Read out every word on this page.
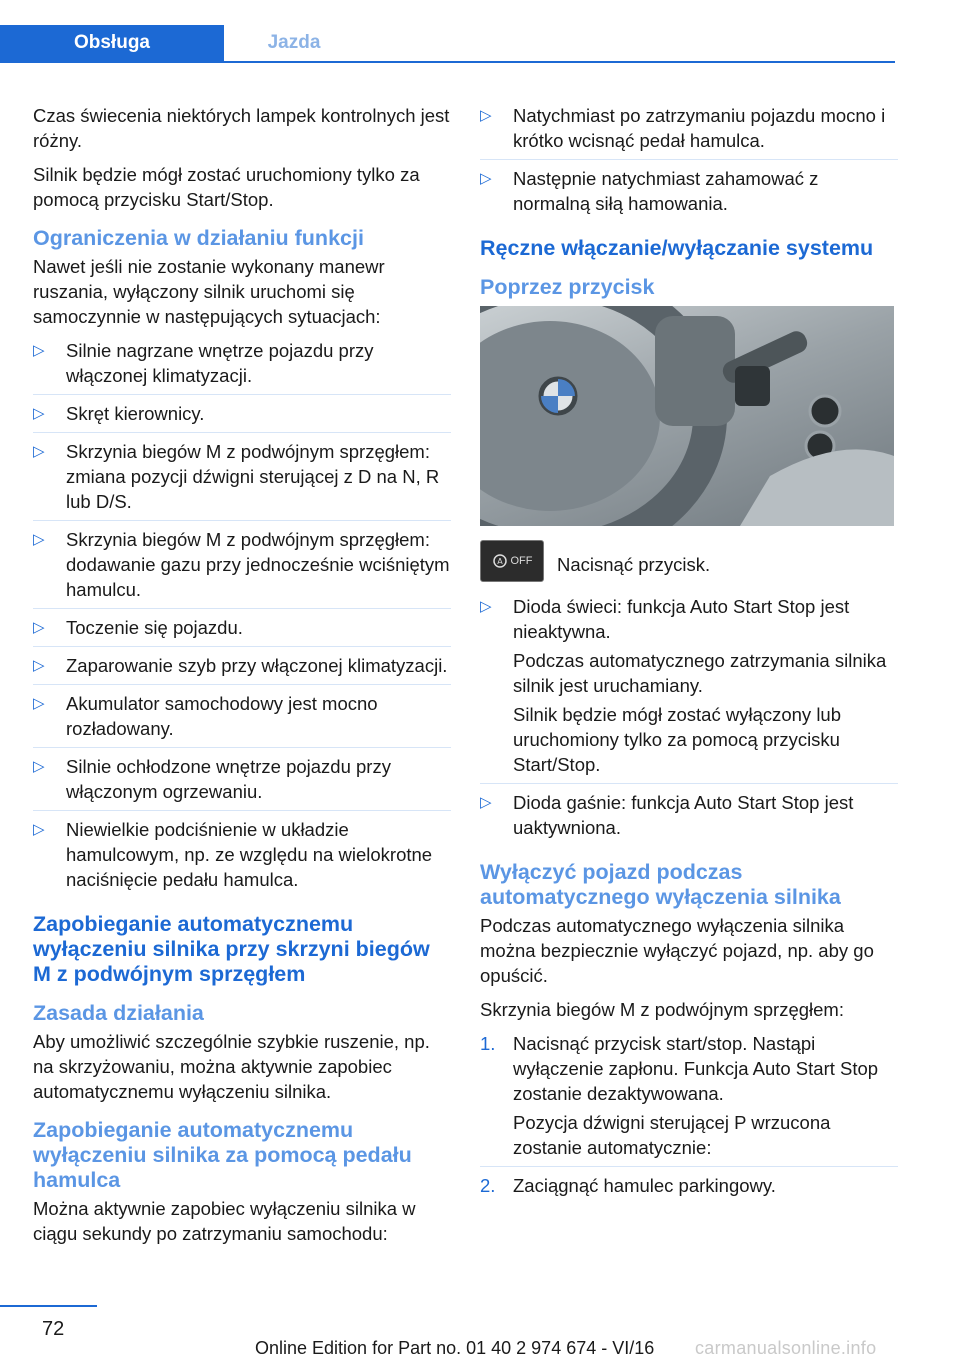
Obsługa	Jazda

Czas świecenia niektórych lampek kontrolnych jest różny.

Silnik będzie mógł zostać uruchomiony tylko za pomocą przycisku Start/Stop.

Ograniczenia w działaniu funkcji

Nawet jeśli nie zostanie wykonany manewr ruszania, wyłączony silnik uruchomi się samoczynnie w następujących sytuacjach:

▷ Silnie nagrzane wnętrze pojazdu przy włączonej klimatyzacji.
▷ Skręt kierownicy.
▷ Skrzynia biegów M z podwójnym sprzęgłem: zmiana pozycji dźwigni sterującej z D na N, R lub D/S.
▷ Skrzynia biegów M z podwójnym sprzęgłem: dodawanie gazu przy jednocześnie wciśniętym hamulcu.
▷ Toczenie się pojazdu.
▷ Zaparowanie szyb przy włączonej klimatyzacji.
▷ Akumulator samochodowy jest mocno rozładowany.
▷ Silnie ochłodzone wnętrze pojazdu przy włączonym ogrzewaniu.
▷ Niewielkie podciśnienie w układzie hamulcowym, np. ze względu na wielokrotne naciśnięcie pedału hamulca.
Zapobieganie automatycznemu wyłączeniu silnika przy skrzyni biegów M z podwójnym sprzęgłem
Zasada działania

Aby umożliwić szczególnie szybkie ruszenie, np. na skrzyżowaniu, można aktywnie zapobiec automatycznemu wyłączeniu silnika.

Zapobieganie automatycznemu wyłączeniu silnika za pomocą pedału hamulca

Można aktywnie zapobiec wyłączeniu silnika w ciągu sekundy po zatrzymaniu samochodu:

▷ Natychmiast po zatrzymaniu pojazdu mocno i krótko wcisnąć pedał hamulca.
▷ Następnie natychmiast zahamować z normalną siłą hamowania.
Ręczne włączanie/wyłączanie systemu
Poprzez przycisk
A OFF Nacisnąć przycisk.
▷ Dioda świeci: funkcja Auto Start Stop jest nieaktywna.

Podczas automatycznego zatrzymania silnika silnik jest uruchamiany.

Silnik będzie mógł zostać wyłączony lub uruchomiony tylko za pomocą przycisku Start/Stop.

▷ Dioda gaśnie: funkcja Auto Start Stop jest uaktywniona.
Wyłączyć pojazd podczas automatycznego wyłączenia silnika

Podczas automatycznego wyłączenia silnika można bezpiecznie wyłączyć pojazd, np. aby go opuścić.

Skrzynia biegów M z podwójnym sprzęgłem:

1. Nacisnąć przycisk start/stop. Nastąpi wyłączenie zapłonu. Funkcja Auto Start Stop zostanie dezaktywowana.

Pozycja dźwigni sterującej P wrzucona zostanie automatycznie:

2. Zaciągnąć hamulec parkingowy.
72
Online Edition for Part no. 01 40 2 974 674 - VI/16 carmanualsonline.info
